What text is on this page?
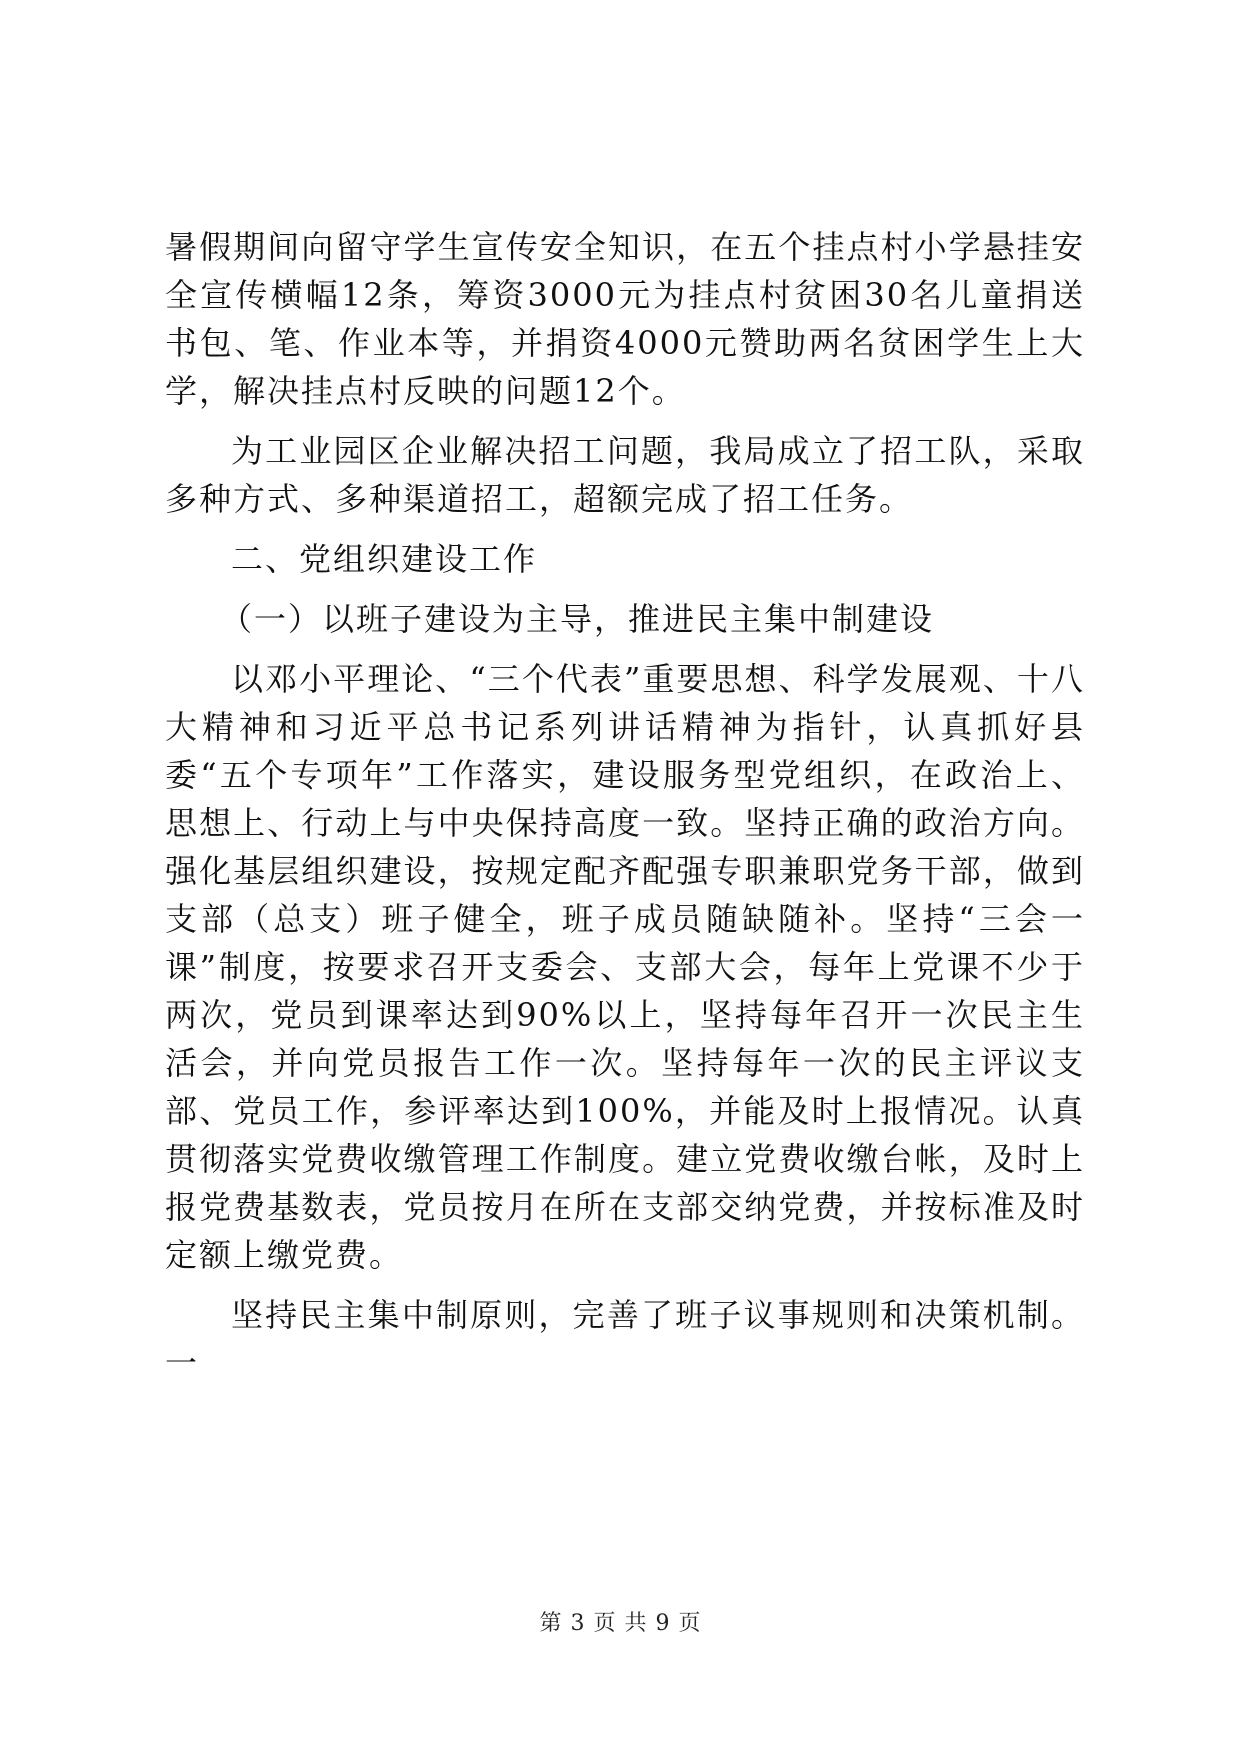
暑假期间向留守学生宣传安全知识，在五个挂点村小学悬挂安全宣传横幅12条，筹资3000元为挂点村贫困30名儿童捐送书包、笔、作业本等，并捐资4000元赞助两名贫困学生上大学，解决挂点村反映的问题12个。

为工业园区企业解决招工问题，我局成立了招工队，采取多种方式、多种渠道招工，超额完成了招工任务。

二、党组织建设工作

（一）以班子建设为主导，推进民主集中制建设

以邓小平理论、“三个代表”重要思想、科学发展观、十八大精神和习近平总书记系列讲话精神为指针，认真抓好县委“五个专项年”工作落实，建设服务型党组织，在政治上、思想上、行动上与中央保持高度一致。坚持正确的政治方向。强化基层组织建设，按规定配齐配强专职兼职党务干部，做到支部（总支）班子健全，班子成员随缺随补。坚持“三会一课”制度，按要求召开支委会、支部大会，每年上党课不少于两次，党员到课率达到90%以上，坚持每年召开一次民主生活会，并向党员报告工作一次。坚持每年一次的民主评议支部、党员工作，参评率达到100%，并能及时上报情况。认真贯彻落实党费收缴管理工作制度。建立党费收缴台帐，及时上报党费基数表，党员按月在所在支部交纳党费，并按标准及时定额上缴党费。

坚持民主集中制原则，完善了班子议事规则和决策机制。一

第 3 页 共 9 页
